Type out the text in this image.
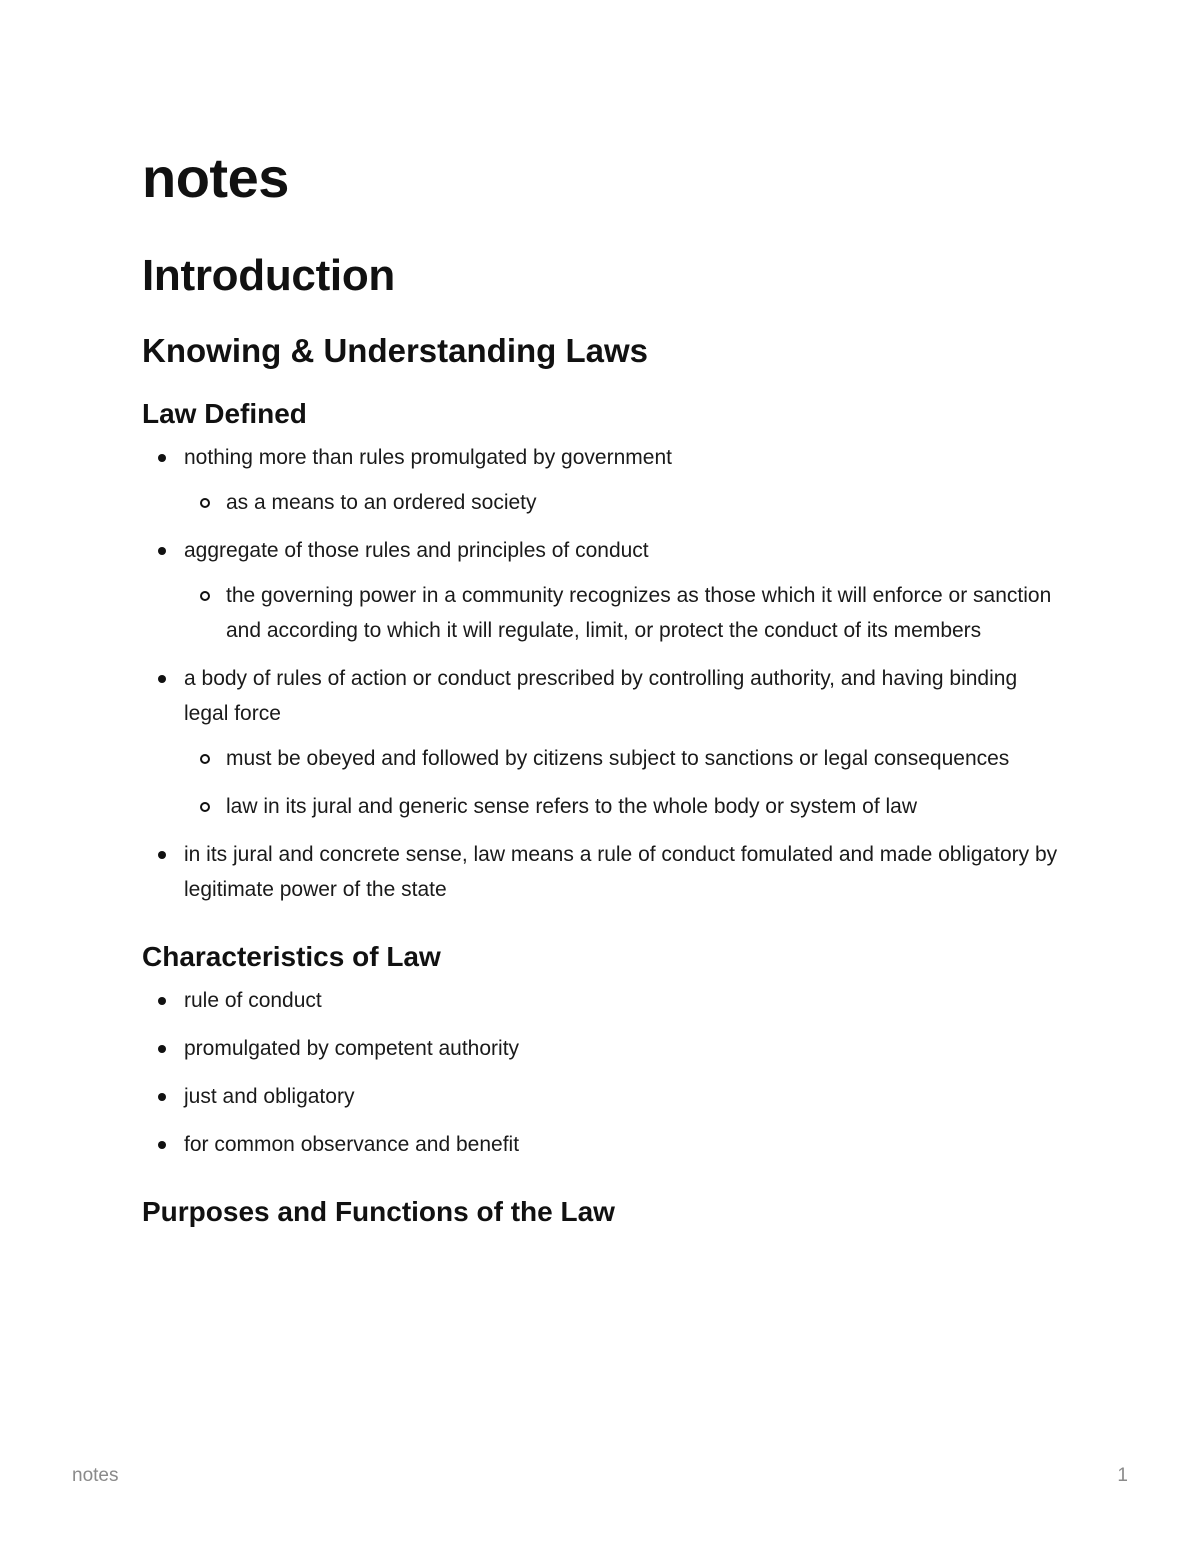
notes
Introduction
Knowing & Understanding Laws
Law Defined
nothing more than rules promulgated by government
as a means to an ordered society
aggregate of those rules and principles of conduct
the governing power in a community recognizes as those which it will enforce or sanction and according to which it will regulate, limit, or protect the conduct of its members
a body of rules of action or conduct prescribed by controlling authority, and having binding legal force
must be obeyed and followed by citizens subject to sanctions or legal consequences
law in its jural and generic sense refers to the whole body or system of law
in its jural and concrete sense, law means a rule of conduct fomulated and made obligatory by legitimate power of the state
Characteristics of Law
rule of conduct
promulgated by competent authority
just and obligatory
for common observance and benefit
Purposes and Functions of the Law
notes	1
